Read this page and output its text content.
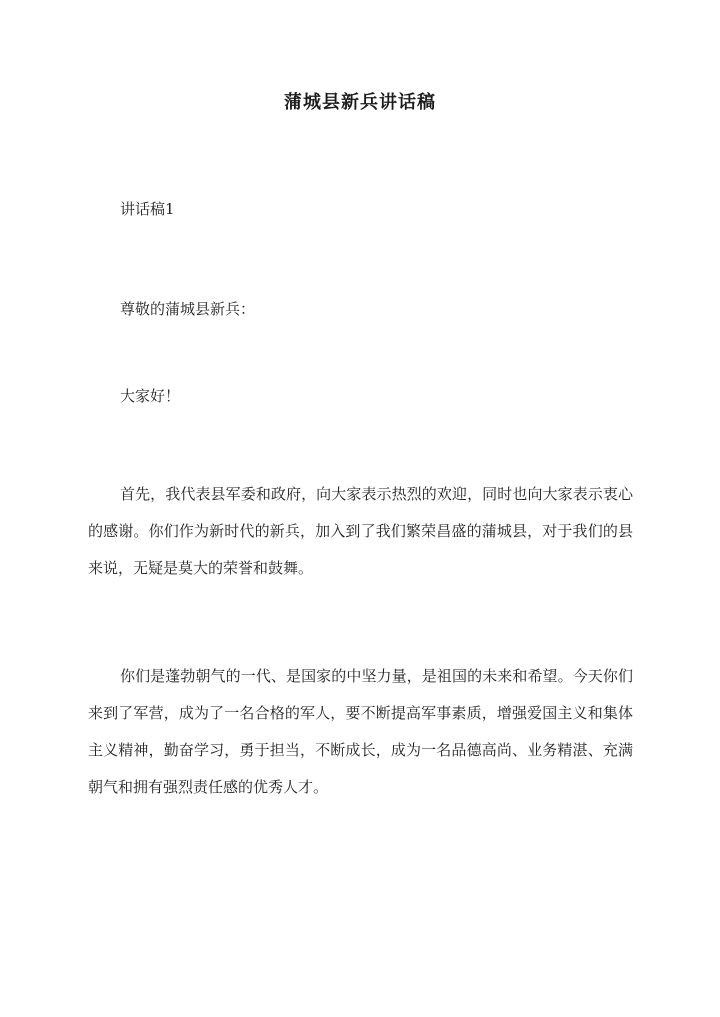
蒲城县新兵讲话稿
讲话稿1
尊敬的蒲城县新兵：
大家好！
首先，我代表县军委和政府，向大家表示热烈的欢迎，同时也向大家表示衷心的感谢。你们作为新时代的新兵，加入到了我们繁荣昌盛的蒲城县，对于我们的县来说，无疑是莫大的荣誉和鼓舞。
你们是蓬勃朝气的一代、是国家的中坚力量，是祖国的未来和希望。今天你们来到了军营，成为了一名合格的军人，要不断提高军事素质，增强爱国主义和集体主义精神，勤奋学习，勇于担当，不断成长，成为一名品德高尚、业务精湛、充满朝气和拥有强烈责任感的优秀人才。
